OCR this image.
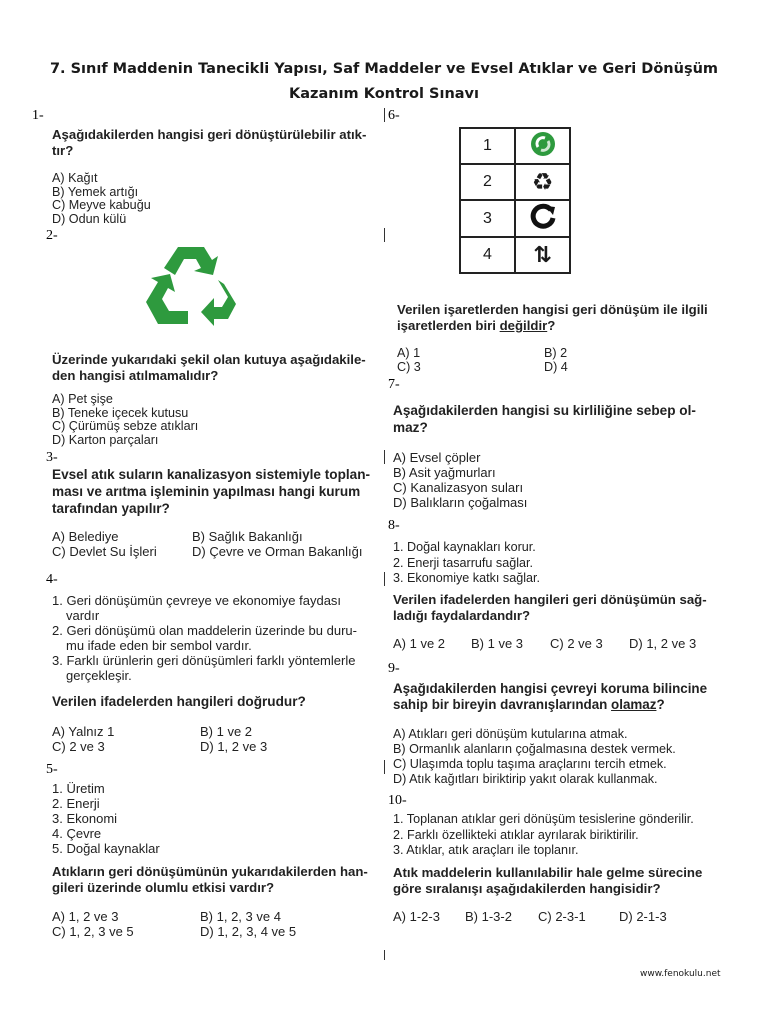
7. Sınıf Maddenin Tanecikli Yapısı, Saf Maddeler ve Evsel Atıklar ve Geri Dönüşüm
Kazanım Kontrol Sınavı
1-
Aşağıdakilerden hangisi geri dönüştürülebilir atık-tır?
A) Kağıt
B) Yemek artığı
C) Meyve kabuğu
D) Odun külü
2-
Üzerinde yukarıdaki şekil olan kutuya aşağıdakile-den hangisi atılmamalıdır?
A) Pet şişe
B) Teneke içecek kutusu
C) Çürümüş sebze atıkları
D) Karton parçaları
3-
Evsel atık suların kanalizasyon sistemiyle toplan-ması ve arıtma işleminin yapılması hangi kurum tarafından yapılır?
A) Belediye	B) Sağlık Bakanlığı
C) Devlet Su İşleri	D) Çevre ve Orman Bakanlığı
4-
1. Geri dönüşümün çevreye ve ekonomiye faydası
vardır
2. Geri dönüşümü olan maddelerin üzerinde bu duru-
mu ifade eden bir sembol vardır.
3. Farklı ürünlerin geri dönüşümleri farklı yöntemlerle
gerçekleşir.
Verilen ifadelerden hangileri doğrudur?
A) Yalnız 1	B) 1 ve 2
C) 2 ve 3	D) 1, 2 ve 3
5-
1. Üretim
2. Enerji
3. Ekonomi
4. Çevre
5. Doğal kaynaklar
Atıkların geri dönüşümünün yukarıdakilerden han-gileri üzerinde olumlu etkisi vardır?
A) 1, 2 ve 3	B) 1, 2, 3 ve 4
C) 1, 2, 3 ve 5	D) 1, 2, 3, 4 ve 5
6-
1	
2	♻
3	
4	⇅
Verilen işaretlerden hangisi geri dönüşüm ile ilgili işaretlerden biri değildir?
A) 1	B) 2
C) 3	D) 4
7-
Aşağıdakilerden hangisi su kirliliğine sebep ol-maz?
A) Evsel çöpler
B) Asit yağmurları
C) Kanalizasyon suları
D) Balıkların çoğalması
8-
1. Doğal kaynakları korur.
2. Enerji tasarrufu sağlar.
3. Ekonomiye katkı sağlar.
Verilen ifadelerden hangileri geri dönüşümün sağ-ladığı faydalardandır?
A) 1 ve 2 B) 1 ve 3 C) 2 ve 3 D) 1, 2 ve 3
9-
Aşağıdakilerden hangisi çevreyi koruma bilincine sahip bir bireyin davranışlarından olamaz?
A) Atıkları geri dönüşüm kutularına atmak.
B) Ormanlık alanların çoğalmasına destek vermek.
C) Ulaşımda toplu taşıma araçlarını tercih etmek.
D) Atık kağıtları biriktirip yakıt olarak kullanmak.
10-
1. Toplanan atıklar geri dönüşüm tesislerine gönderilir.
2. Farklı özellikteki atıklar ayrılarak biriktirilir.
3. Atıklar, atık araçları ile toplanır.
Atık maddelerin kullanılabilir hale gelme sürecine göre sıralanışı aşağıdakilerden hangisidir?
A) 1-2-3 B) 1-3-2 C) 2-3-1	D) 2-1-3
www.fenokulu.net
